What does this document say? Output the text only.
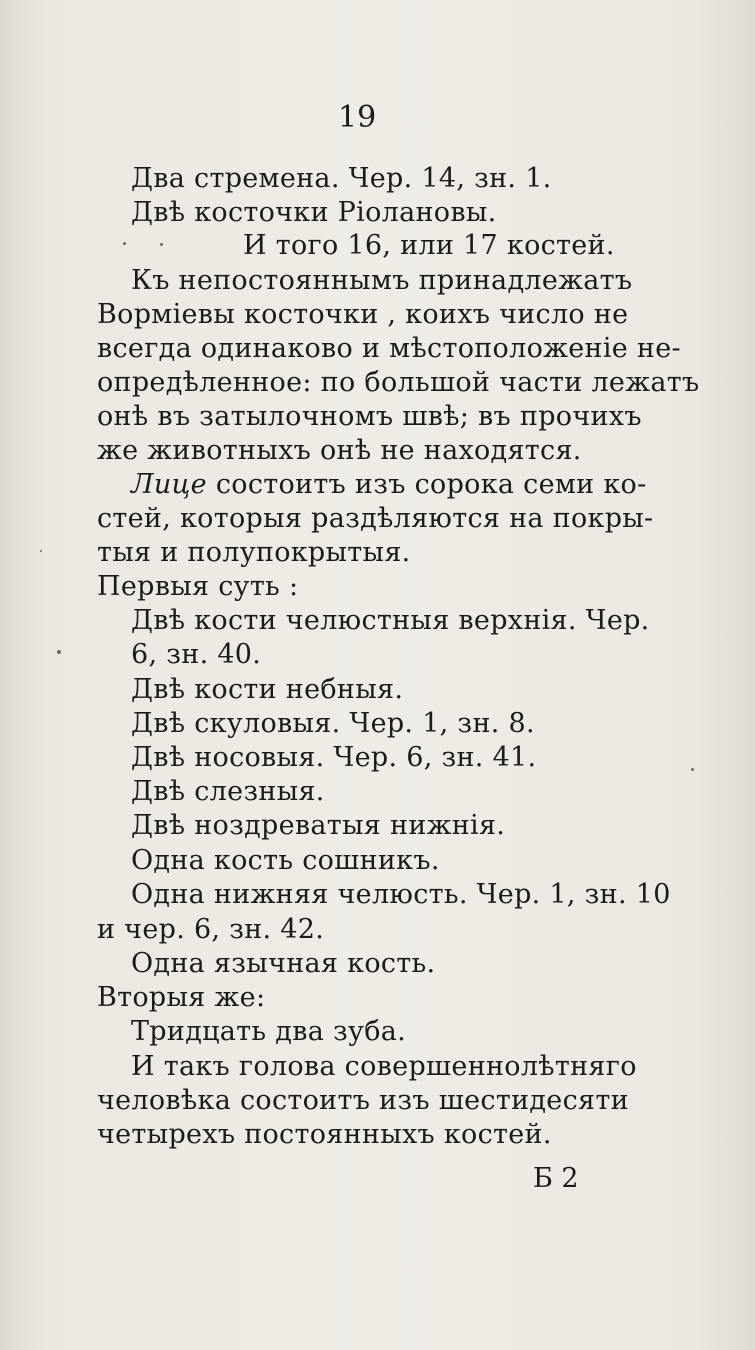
19
Два стремена. Чер. 14, зн. 1.
Двѣ косточки Ріолановы.
И того 16, или 17 костей.
Къ непостояннымъ принадлежатъ
Ворміевы косточки , коихъ число не
всегда одинаково и мѣстоположеніе не-
опредѣленное: по большой части лежатъ
онѣ въ затылочномъ швѣ; въ прочихъ
же животныхъ онѣ не находятся.
Лице состоитъ изъ сорока семи ко-
стей, которыя раздѣляются на покры-
тыя и полупокрытыя.
Первыя суть :
Двѣ кости челюстныя верхнія. Чер.
6, зн. 40.
Двѣ кости небныя.
Двѣ скуловыя. Чер. 1, зн. 8.
Двѣ носовыя. Чер. 6, зн. 41.
Двѣ слезныя.
Двѣ ноздреватыя нижнія.
Одна кость сошникъ.
Одна нижняя челюсть. Чер. 1, зн. 10
и чер. 6, зн. 42.
Одна язычная кость.
Вторыя же:
Тридцать два зуба.
И такъ голова совершеннолѣтняго
человѣка состоитъ изъ шестидесяти
четырехъ постоянныхъ костей.
Б 2
